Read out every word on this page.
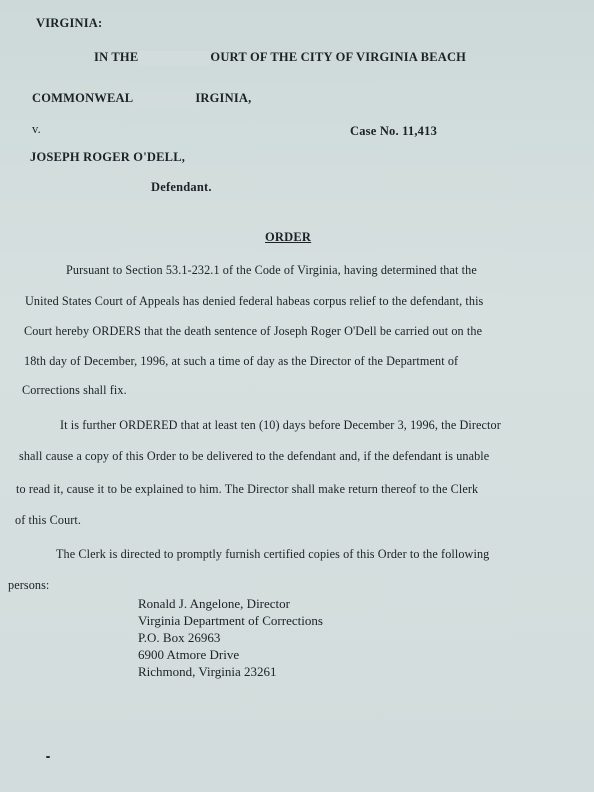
VIRGINIA:
IN THE	OURT OF THE CITY OF VIRGINIA BEACH
COMMONWEAL	IRGINIA,
v.	Case No. 11,413
JOSEPH ROGER O'DELL,
Defendant.
ORDER
Pursuant to Section 53.1-232.1 of the Code of Virginia, having determined that the
United States Court of Appeals has denied federal habeas corpus relief to the defendant, this
Court hereby ORDERS that the death sentence of Joseph Roger O'Dell be carried out on the
18th day of December, 1996, at such a time of day as the Director of the Department of
Corrections shall fix.
It is further ORDERED that at least ten (10) days before December 3, 1996, the Director
shall cause a copy of this Order to be delivered to the defendant and, if the defendant is unable
to read it, cause it to be explained to him. The Director shall make return thereof to the Clerk
of this Court.
The Clerk is directed to promptly furnish certified copies of this Order to the following
persons:
Ronald J. Angelone, Director
Virginia Department of Corrections
P.O. Box 26963
6900 Atmore Drive
Richmond, Virginia 23261
